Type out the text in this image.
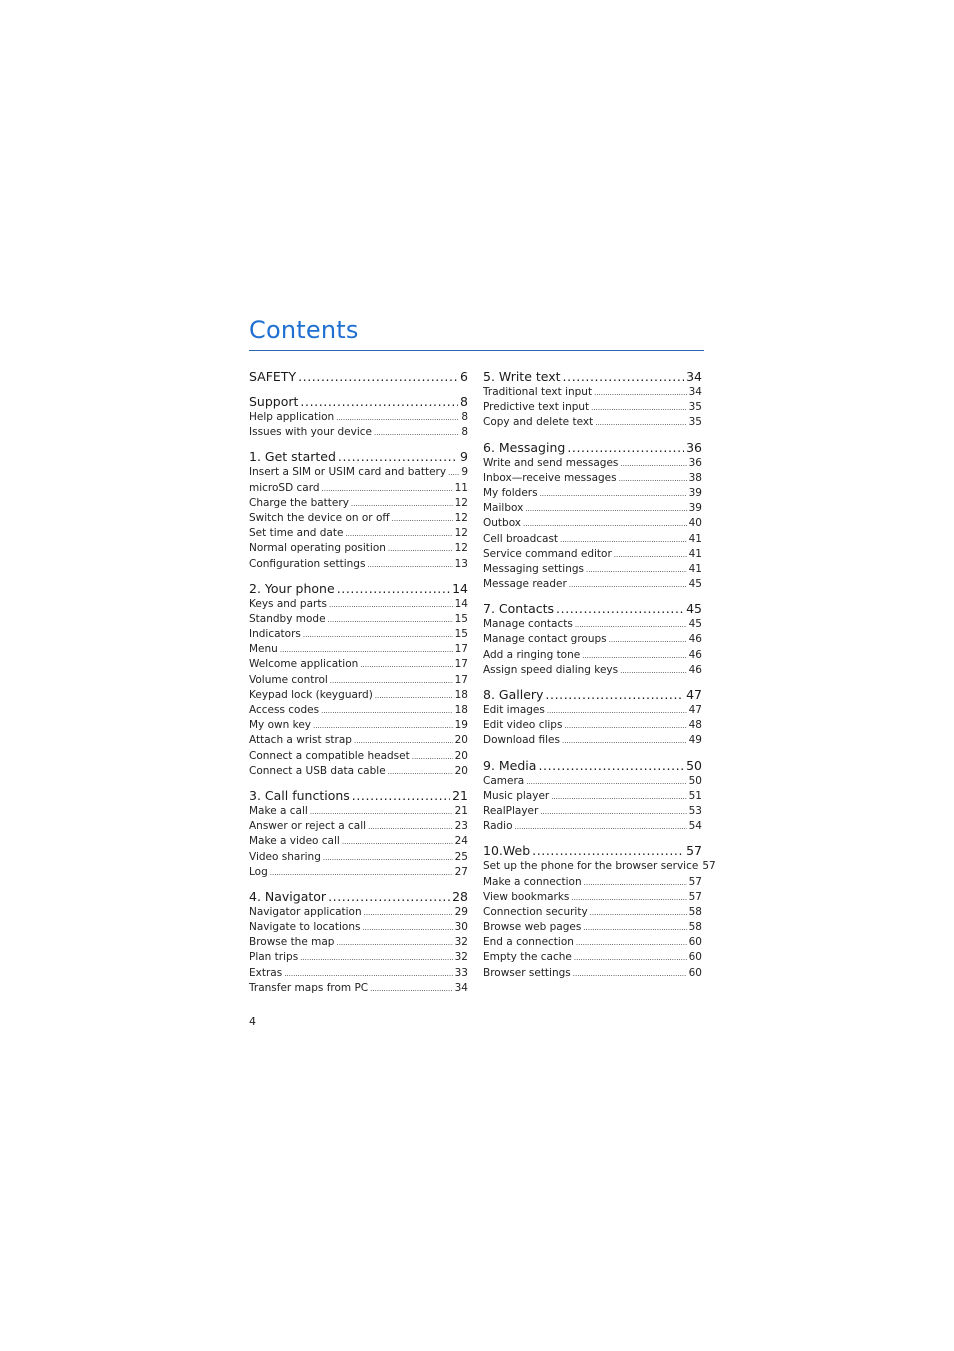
Contents
SAFETY .....	6
Support .....	8
Help application .....	8
Issues with your device .....	8
1. Get started .....	9
Insert a SIM or USIM card and battery ..... 9
microSD card .....	11
Charge the battery .....	12
Switch the device on or off .....	12
Set time and date .....	12
Normal operating position .....	12
Configuration settings .....	13
2. Your phone .....	14
Keys and parts .....	14
Standby mode .....	15
Indicators .....	15
Menu .....	17
Welcome application .....	17
Volume control .....	17
Keypad lock (keyguard) .....	18
Access codes .....	18
My own key .....	19
Attach a wrist strap .....	20
Connect a compatible headset .....	20
Connect a USB data cable .....	20
3. Call functions .....	21
Make a call .....	21
Answer or reject a call .....	23
Make a video call .....	24
Video sharing .....	25
Log .....	27
4. Navigator .....	28
Navigator application .....	29
Navigate to locations .....	30
Browse the map .....	32
Plan trips .....	32
Extras .....	33
Transfer maps from PC .....	34
5. Write text .....	34
Traditional text input .....	34
Predictive text input .....	35
Copy and delete text .....	35
6. Messaging .....	36
Write and send messages .....	36
Inbox—receive messages .....	38
My folders .....	39
Mailbox .....	39
Outbox .....	40
Cell broadcast .....	41
Service command editor .....	41
Messaging settings .....	41
Message reader .....	45
7. Contacts .....	45
Manage contacts .....	45
Manage contact groups .....	46
Add a ringing tone .....	46
Assign speed dialing keys .....	46
8. Gallery .....	47
Edit images .....	47
Edit video clips .....	48
Download files .....	49
9. Media .....	50
Camera .....	50
Music player .....	51
RealPlayer .....	53
Radio .....	54
10.Web .....	57
Set up the phone for the browser service 57
Make a connection .....	57
View bookmarks .....	57
Connection security .....	58
Browse web pages .....	58
End a connection .....	60
Empty the cache .....	60
Browser settings .....	60
4
